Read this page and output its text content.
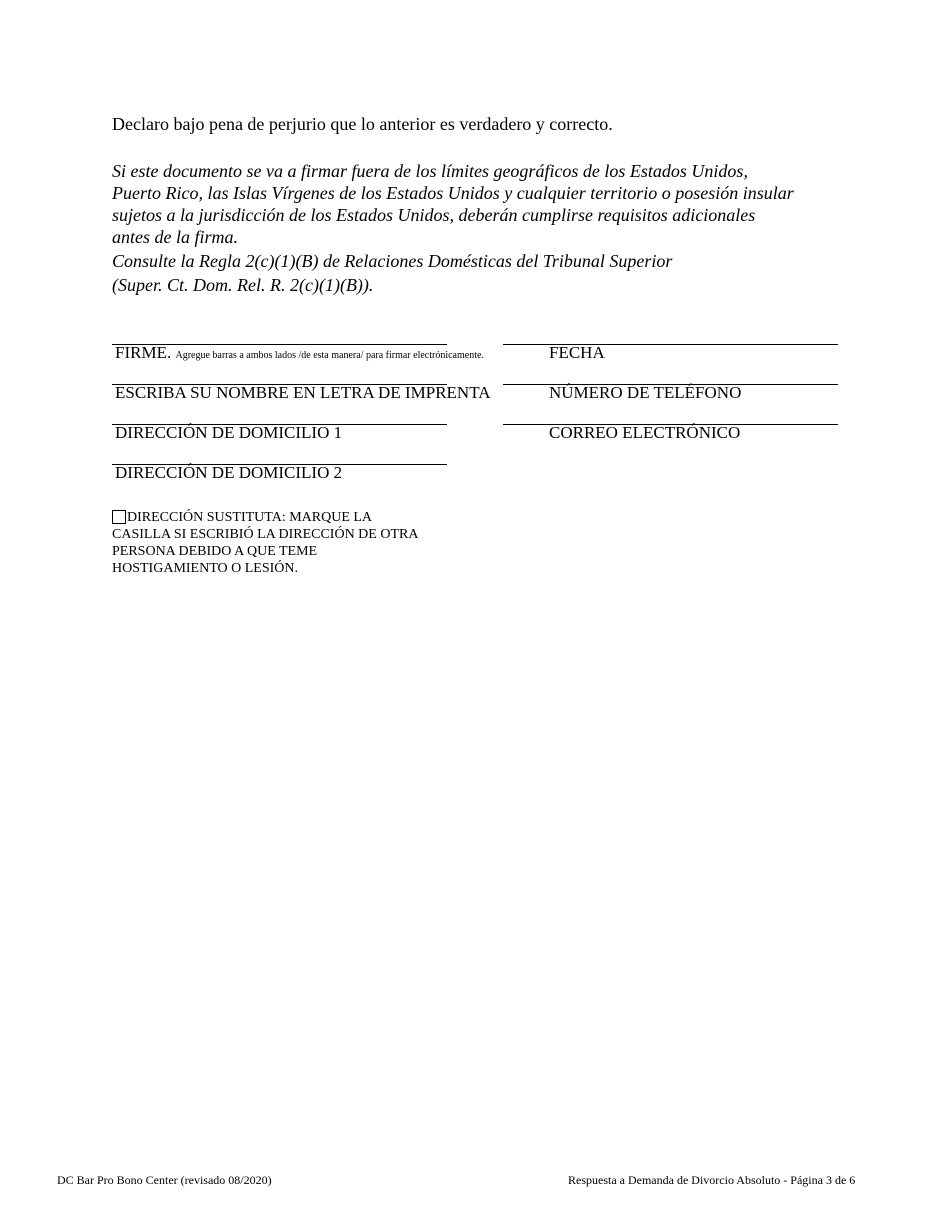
Declaro bajo pena de perjurio que lo anterior es verdadero y correcto.
Si este documento se va a firmar fuera de los límites geográficos de los Estados Unidos,
Puerto Rico, las Islas Vírgenes de los Estados Unidos y cualquier territorio o posesión insular
sujetos a la jurisdicción de los Estados Unidos, deberán cumplirse requisitos adicionales
antes de la firma.
Consulte la Regla 2(c)(1)(B) de Relaciones Domésticas del Tribunal Superior
(Super. Ct. Dom. Rel. R. 2(c)(1)(B)).
FIRME. Agregue barras a ambos lados /de esta manera/ para firmar electrónicamente.	FECHA
ESCRIBA SU NOMBRE EN LETRA DE IMPRENTA	NÚMERO DE TELÉFONO
DIRECCIÓN DE DOMICILIO 1	CORREO ELECTRÓNICO
DIRECCIÓN DE DOMICILIO 2
DIRECCIÓN SUSTITUTA: MARQUE LA
CASILLA SI ESCRIBIÓ LA DIRECCIÓN DE OTRA
PERSONA DEBIDO A QUE TEME
HOSTIGAMIENTO O LESIÓN.
DC Bar Pro Bono Center (revisado 08/2020)	Respuesta a Demanda de Divorcio Absoluto - Página 3 de 6
